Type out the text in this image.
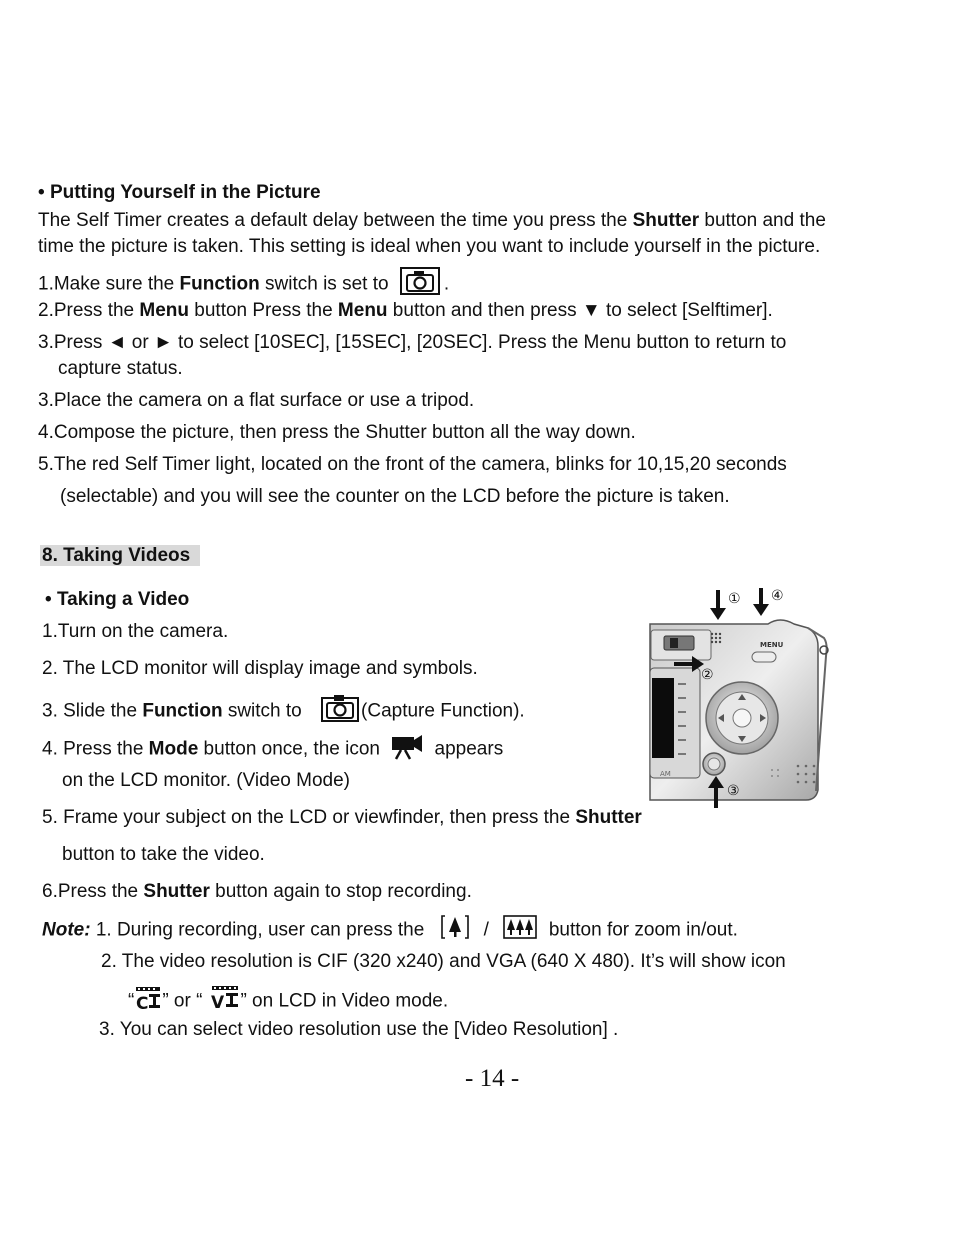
• Putting Yourself in the Picture
The Self Timer creates a default delay between the time you press the Shutter button and the
time the picture is taken. This setting is ideal when you want to include yourself in the picture.
1.Make sure the Function switch is set to	.
2.Press the Menu button Press the Menu button and then press ▼ to select [Selftimer].
3.Press ◄ or ► to select [10SEC], [15SEC], [20SEC]. Press the Menu button to return to
capture status.
3.Place the camera on a flat surface or use a tripod.
4.Compose the picture, then press the Shutter button all the way down.
5.The red Self Timer light, located on the front of the camera, blinks for 10,15,20 seconds
(selectable) and you will see the counter on the LCD before the picture is taken.
8. Taking Videos
• Taking a Video
1.Turn on the camera.
2. The LCD monitor will display image and symbols.
3. Slide the Function switch to	(Capture Function).
4. Press the Mode button once, the icon  appears
on the LCD monitor. (Video Mode)
5. Frame your subject on the LCD or viewfinder, then press the Shutter
button to take the video.
6.Press the Shutter button again to stop recording.
AM
MENU
① ④
②
③
Note: 1. During recording, user can press the	/	button for zoom in/out.
2. The video resolution is CIF (320 x240) and VGA (640 X 480). It’s will show icon
“ C ” or “ V ” on LCD in Video mode.
3. You can select video resolution use the [Video Resolution] .
- 14 -
